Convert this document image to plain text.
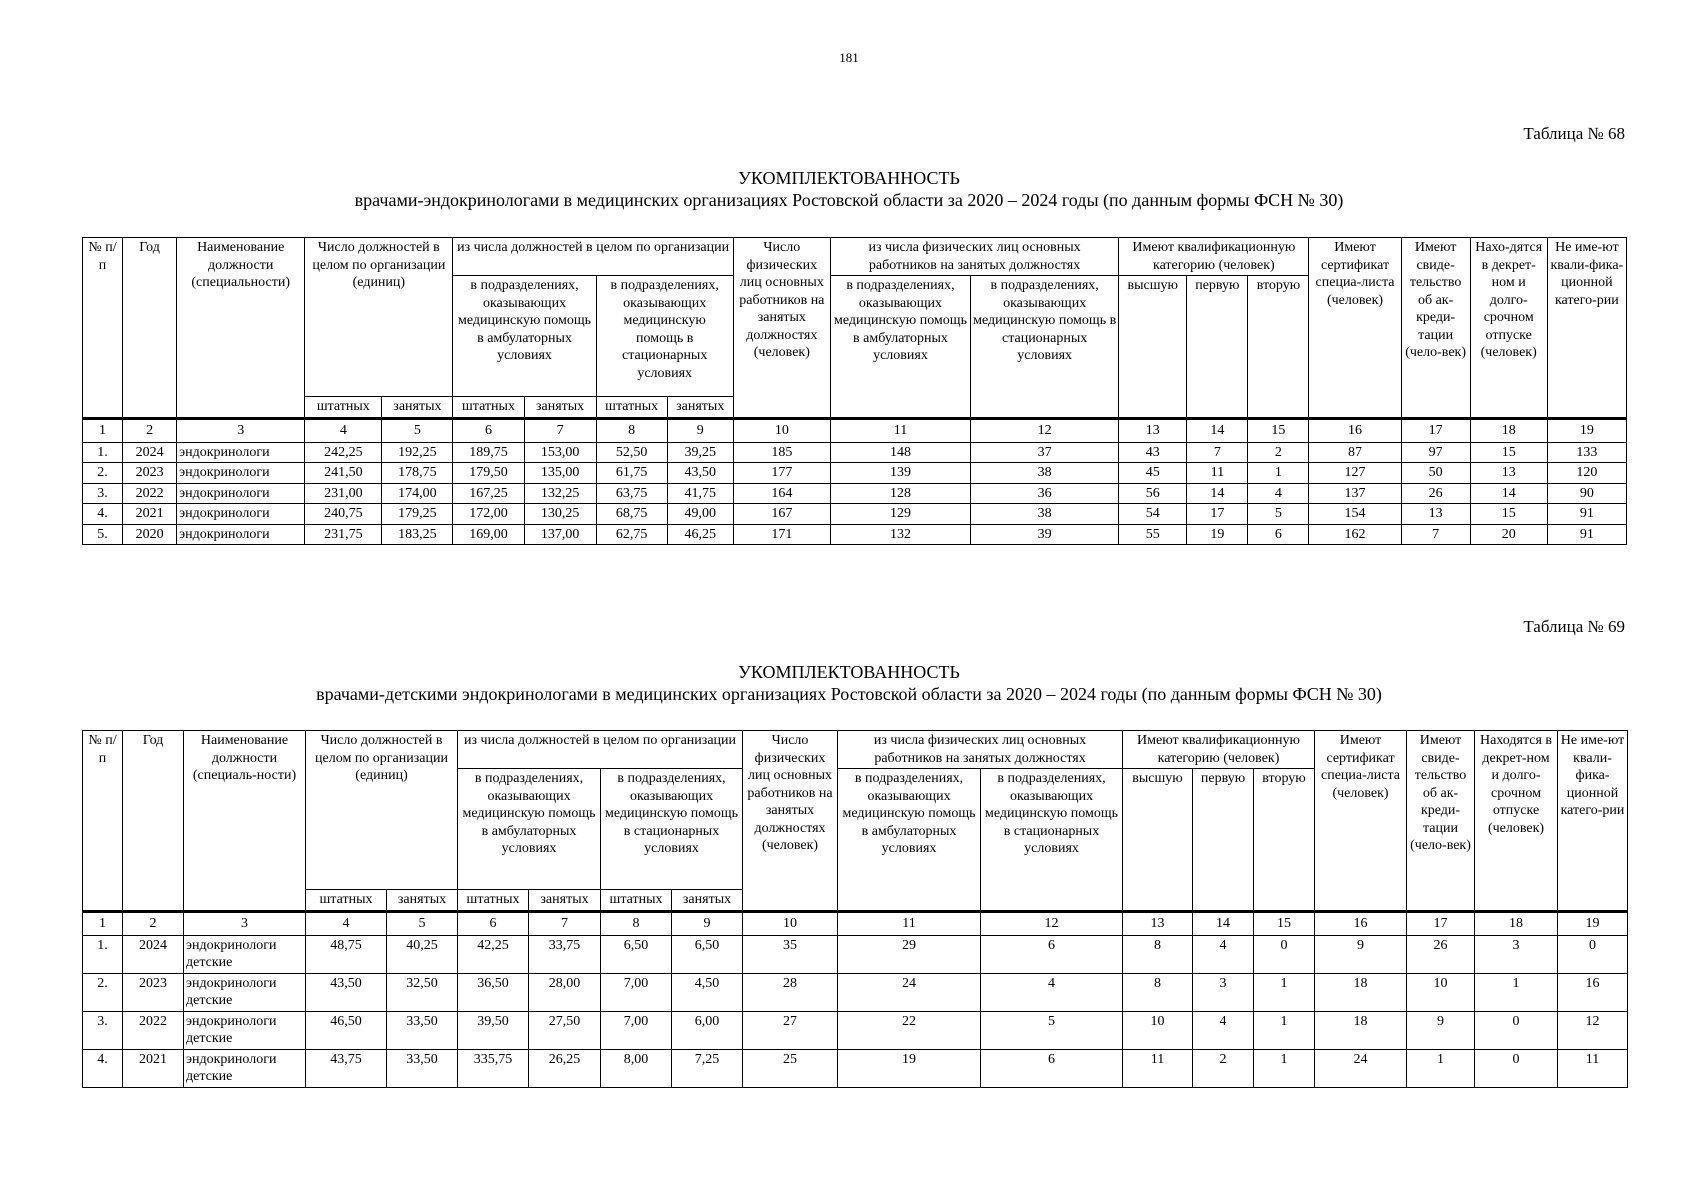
181
Таблица № 68
УКОМПЛЕКТОВАННОСТЬ
врачами-эндокринологами в медицинских организациях Ростовской области за 2020 – 2024 годы (по данным формы ФСН № 30)
№ п/п	Год	Наименование должности (специальности)	Число должностей в целом по организации (единиц)		из числа должностей в целом по организации				Число физических лиц основных работников на занятых должностях (человек)	из числа физических лиц основных работников на занятых должностях		Имеют квалификационную категорию (человек)			Имеют сертификат специа-листа (человек)	Имеют свиде-тельство об ак-креди-тации (чело-век)	Нахо-дятся в декрет-ном и долго-срочном отпуске (человек)	Не име-ют квали-фика-ционной катего-рии
					в подразделениях, оказывающих медицинскую помощь в амбулаторных условиях		в подразделениях, оказывающих медицинскую помощь в стационарных условиях			в подразделениях, оказывающих медицинскую помощь в амбулаторных условиях	в подразделениях, оказывающих медицинскую помощь в стационарных условиях	высшую	первую	вторую				
			штатных	занятых	штатных	занятых	штатных	занятых										
1	2	3	4	5	6	7	8	9	10	11	12	13	14	15	16	17	18	19
1.	2024	эндокринологи	242,25	192,25	189,75	153,00	52,50	39,25	185	148	37	43	7	2	87	97	15	133
2.	2023	эндокринологи	241,50	178,75	179,50	135,00	61,75	43,50	177	139	38	45	11	1	127	50	13	120
3.	2022	эндокринологи	231,00	174,00	167,25	132,25	63,75	41,75	164	128	36	56	14	4	137	26	14	90
4.	2021	эндокринологи	240,75	179,25	172,00	130,25	68,75	49,00	167	129	38	54	17	5	154	13	15	91
5.	2020	эндокринологи	231,75	183,25	169,00	137,00	62,75	46,25	171	132	39	55	19	6	162	7	20	91
Таблица № 69
УКОМПЛЕКТОВАННОСТЬ
врачами-детскими эндокринологами в медицинских организациях Ростовской области за 2020 – 2024 годы (по данным формы ФСН № 30)
№ п/п	Год	Наименование должности (специаль-ности)	Число должностей в целом по организации (единиц)		из числа должностей в целом по организации				Число физических лиц основных работников на занятых должностях (человек)	из числа физических лиц основных работников на занятых должностях		Имеют квалификационную категорию (человек)			Имеют сертификат специа-листа (человек)	Имеют свиде-тельство об ак-креди-тации (чело-век)	Находятся в декрет-ном и долго-срочном отпуске (человек)	Не име-ют квали-фика-ционной катего-рии
					в подразделениях, оказывающих медицинскую помощь в амбулаторных условиях		в подразделениях, оказывающих медицинскую помощь в стационарных условиях			в подразделениях, оказывающих медицинскую помощь в амбулаторных условиях	в подразделениях, оказывающих медицинскую помощь в стационарных условиях	высшую	первую	вторую				
			штатных	занятых	штатных	занятых	штатных	занятых										
1	2	3	4	5	6	7	8	9	10	11	12	13	14	15	16	17	18	19
1.	2024	эндокринологи детские	48,75	40,25	42,25	33,75	6,50	6,50	35	29	6	8	4	0	9	26	3	0
2.	2023	эндокринологи детские	43,50	32,50	36,50	28,00	7,00	4,50	28	24	4	8	3	1	18	10	1	16
3.	2022	эндокринологи детские	46,50	33,50	39,50	27,50	7,00	6,00	27	22	5	10	4	1	18	9	0	12
4.	2021	эндокринологи детские	43,75	33,50	335,75	26,25	8,00	7,25	25	19	6	11	2	1	24	1	0	11
